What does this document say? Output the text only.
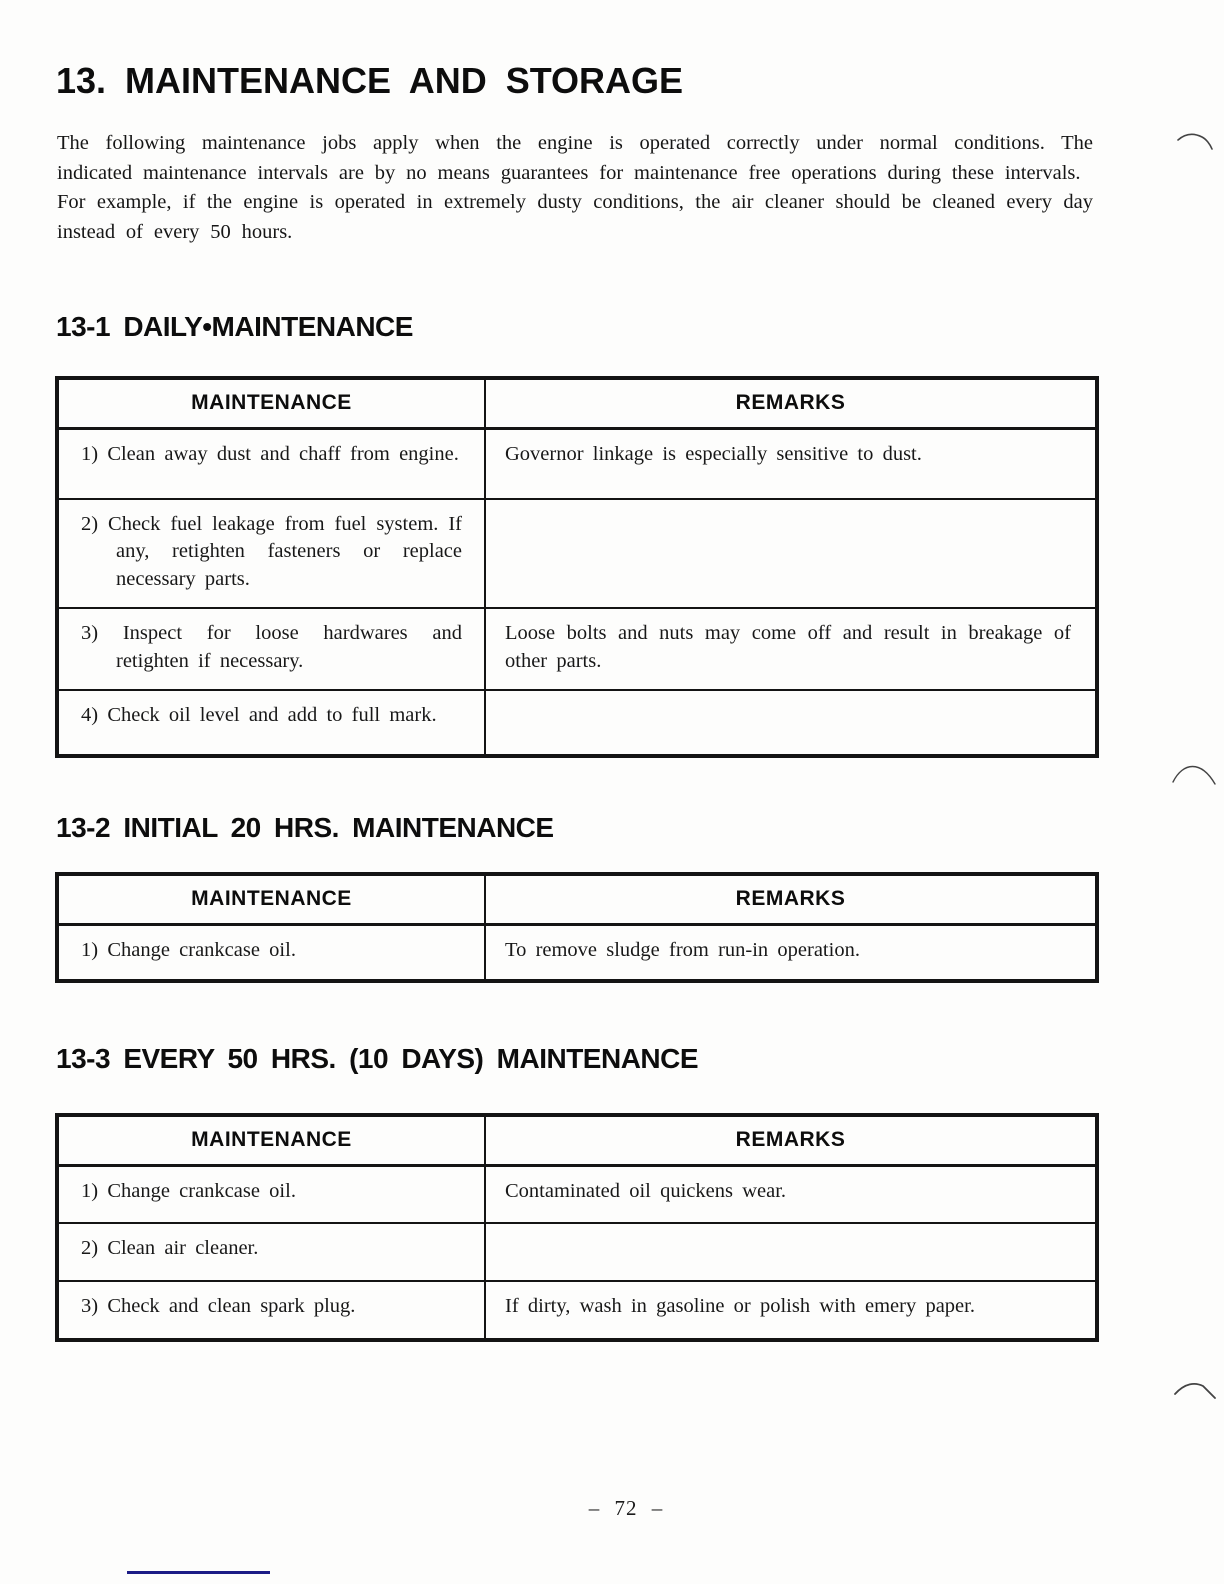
13. MAINTENANCE AND STORAGE

The following maintenance jobs apply when the engine is operated correctly under normal conditions. The indicated maintenance intervals are by no means guarantees for maintenance free operations during these intervals.

For example, if the engine is operated in extremely dusty conditions, the air cleaner should be cleaned every day instead of every 50 hours.

13-1 DAILY•MAINTENANCE
MAINTENANCE	REMARKS
1) Clean away dust and chaff from engine.	Governor linkage is especially sensitive to dust.
2) Check fuel leakage from fuel system. If any, retighten fasteners or replace necessary parts.	
3) Inspect for loose hardwares and retighten if necessary.	Loose bolts and nuts may come off and result in breakage of other parts.
4) Check oil level and add to full mark.	
13-2 INITIAL 20 HRS. MAINTENANCE
MAINTENANCE	REMARKS
1) Change crankcase oil.	To remove sludge from run-in operation.
13-3 EVERY 50 HRS. (10 DAYS) MAINTENANCE
MAINTENANCE	REMARKS
1) Change crankcase oil.	Contaminated oil quickens wear.
2) Clean air cleaner.	
3) Check and clean spark plug.	If dirty, wash in gasoline or polish with emery paper.
– 72 –
